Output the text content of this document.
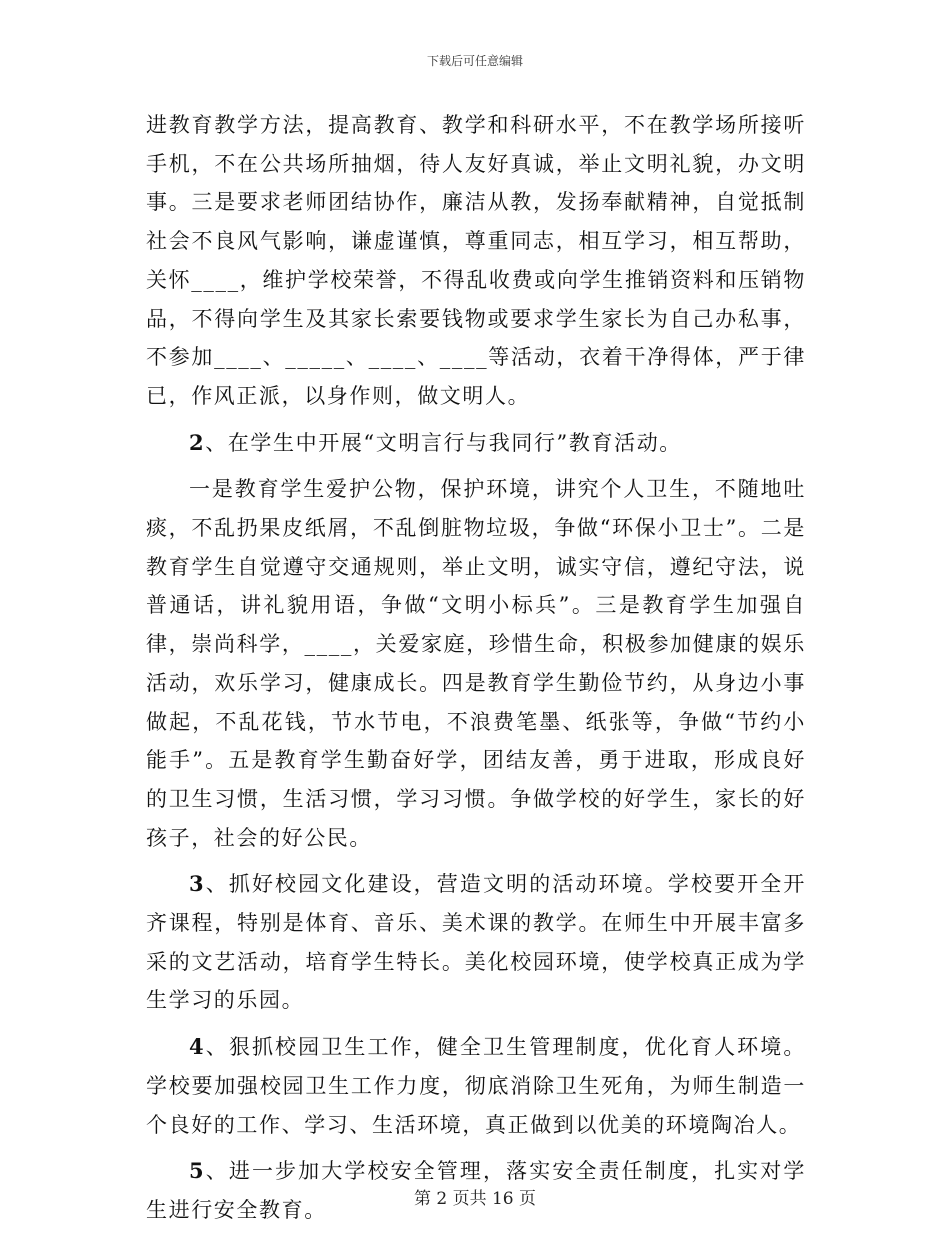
下载后可任意编辑

进教育教学方法，提高教育、教学和科研水平，不在教学场所接听手机，不在公共场所抽烟，待人友好真诚，举止文明礼貌，办文明事。三是要求老师团结协作，廉洁从教，发扬奉献精神，自觉抵制社会不良风气影响，谦虚谨慎，尊重同志，相互学习，相互帮助，关怀____，维护学校荣誉，不得乱收费或向学生推销资料和压销物品，不得向学生及其家长索要钱物或要求学生家长为自己办私事，不参加____、_____、____、____等活动，衣着干净得体，严于律已，作风正派，以身作则，做文明人。

2、在学生中开展“文明言行与我同行”教育活动。

一是教育学生爱护公物，保护环境，讲究个人卫生，不随地吐痰，不乱扔果皮纸屑，不乱倒脏物垃圾，争做“环保小卫士”。二是教育学生自觉遵守交通规则，举止文明，诚实守信，遵纪守法，说普通话，讲礼貌用语，争做“文明小标兵”。三是教育学生加强自律，崇尚科学，____，关爱家庭，珍惜生命，积极参加健康的娱乐活动，欢乐学习，健康成长。四是教育学生勤俭节约，从身边小事做起，不乱花钱，节水节电，不浪费笔墨、纸张等，争做“节约小能手”。五是教育学生勤奋好学，团结友善，勇于进取，形成良好的卫生习惯，生活习惯，学习习惯。争做学校的好学生，家长的好孩子，社会的好公民。

3、抓好校园文化建设，营造文明的活动环境。学校要开全开齐课程，特别是体育、音乐、美术课的教学。在师生中开展丰富多采的文艺活动，培育学生特长。美化校园环境，使学校真正成为学生学习的乐园。

4、狠抓校园卫生工作，健全卫生管理制度，优化育人环境。学校要加强校园卫生工作力度，彻底消除卫生死角，为师生制造一个良好的工作、学习、生活环境，真正做到以优美的环境陶冶人。

5、进一步加大学校安全管理，落实安全责任制度，扎实对学生进行安全教育。	第 2 页共 16 页
